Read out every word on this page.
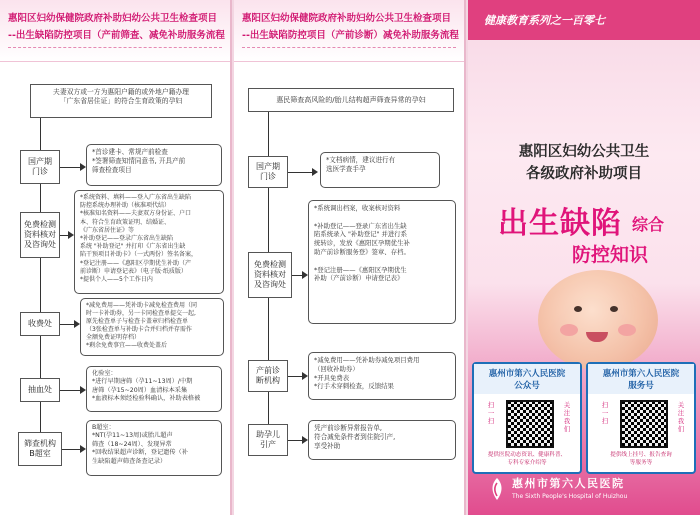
惠阳区妇幼保健院政府补助妇幼公共卫生检查项目
--出生缺陷防控项目（产前筛查、减免补助服务流程
夫妻双方或一方为惠阳户籍的或外地户籍办理
「广东省居住证」的符合生育政策的孕妇
国产期
门诊
*首诊建卡、常规产前检查
*签署筛查知情同意书, 开具产前
筛查检查项目
免费检测
资料核对
及咨询处
*系统资料、填料——登入广东省出生缺陷
防控系统办理补助（核准项代结）
*核准知名资料——夫妻双方身份证、户口
本、符合生育政策证明、结婚证、
《广东省居住证》等
*补助登记——登录广东省出生缺陷
系统 "补助登记" 并打印《广东省出生缺
陷干预项目补助卡》（一式两份）签名备案，
*登记注册——《惠阳区孕期优生补助（产
前诊断）申请登记表》（电子版·纸质版）
*提供个人——5个工作日内
收费处
*减免费用——凭补助卡减免检查费用（同
时一卡补助券，另一卡同检查单提交一起,
原先检查单子与检查卡盖章归档检查单
（3张检查单与补助卡合并归档并存需作
全额免费证明存档）
*剩余免费事宜——收费处盖后
抽血处
化验室：
*进行早期唐筛（孕11~13周）/中期
唐筛（孕15~20周）血清标本采集
*血液标本须经检验科确认，补助表格被
筛查机构
B超室
B超室：
*NT(孕11~13周)或胎儿超声
筛查（18~24周）、发现异常
*回收结果超声诊断，登记遗传（补
生缺陷超声筛查备查记录）
惠阳区妇幼保健院政府补助妇幼公共卫生检查项目
--出生缺陷防控项目（产前诊断）减免补助服务流程
惠民筛查高风险的/胎儿结构超声筛查异常的孕妇
国产期
门诊
*文档病情，建议进行有
选医学查手孕
免费检测
资料核对
及咨询处
*系统调出档案，收案核对资料

*补助登记——登录广东省出生缺
陷系统录入 "补助登记" 并进行系
统转诊，发放《惠阳区孕期优生补
助产前诊断服务登》签章、存档。

*登记注册——《惠阳区孕期优生
补助（产前诊断）申请登记表》
产前诊
断机构
*减免费用——凭补助券减免项目费用
（回收补助券）
*开具免费表
*行手术穿刺检查，反馈结果
助孕儿
引产
凭产前诊断异常报告单,
符合减免条件者到住院引产,
享受补助
健康教育系列之一百零七
惠阳区妇幼公共卫生
各级政府补助项目
出生缺陷 综合
防控知识
惠州市第六人民医院
公众号
扫
一
扫
关
注
我
们
提供医院动态资讯、健康科普、
专科专家介绍等
惠州市第六人民医院
服务号
扫
一
扫
关
注
我
们
提供线上挂号、报告查询
等服务等
惠州市第六人民医院
The Sixth People's Hospital of Huizhou
